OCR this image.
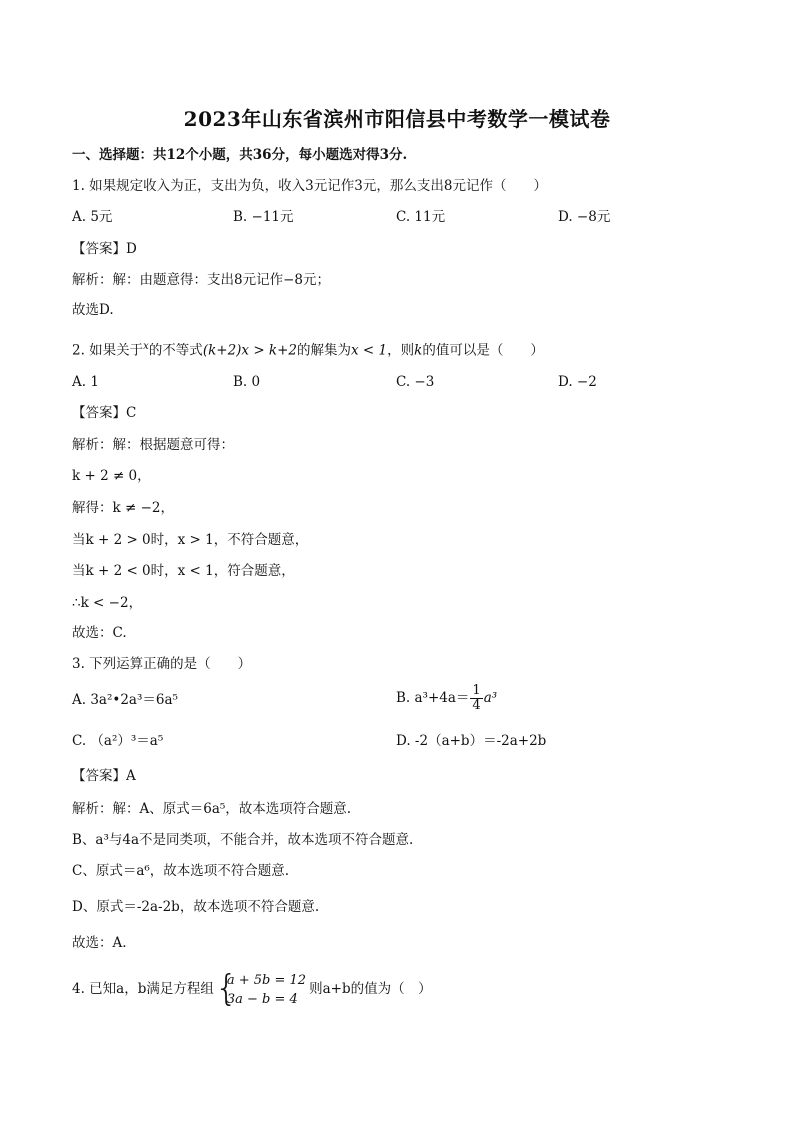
2023年山东省滨州市阳信县中考数学一模试卷
一、选择题：共12个小题，共36分，每小题选对得3分.
1. 如果规定收入为正，支出为负，收入3元记作3元，那么支出8元记作（　　）
A. 5元	B. −11元	C. 11元	D. −8元
【答案】D
解析：解：由题意得：支出8元记作−8元；
故选D.
2. 如果关于$^x$的不等式(k+2)x > k+2的解集为x < 1，则k的值可以是（　　）
A. 1	B. 0	C. −3	D. −2
【答案】C
解析：解：根据题意可得：
k + 2 ≠ 0，
解得：k ≠ −2，
当k + 2 > 0时，x > 1，不符合题意，
当k + 2 < 0时，x < 1，符合题意，
∴k < −2，
故选：C.
3. 下列运算正确的是（　　）
A. 3a²•2a³＝6a⁵	B. $a^3+4a= \frac{1}{4} a^3$
C. （a²）³＝a⁵	D. -2（a+b）＝-2a+2b
【答案】A
解析：解：A、原式＝6a⁵，故本选项符合题意.
B、a³与4a不是同类项，不能合并，故本选项不符合题意.
C、原式＝a⁶，故本选项不符合题意.
D、原式＝-2a-2b，故本选项不符合题意.
故选：A.
4. 已知a，b满足方程组 {
a + 5b = 12
3a − b = 4
则a+b的值为（　）
